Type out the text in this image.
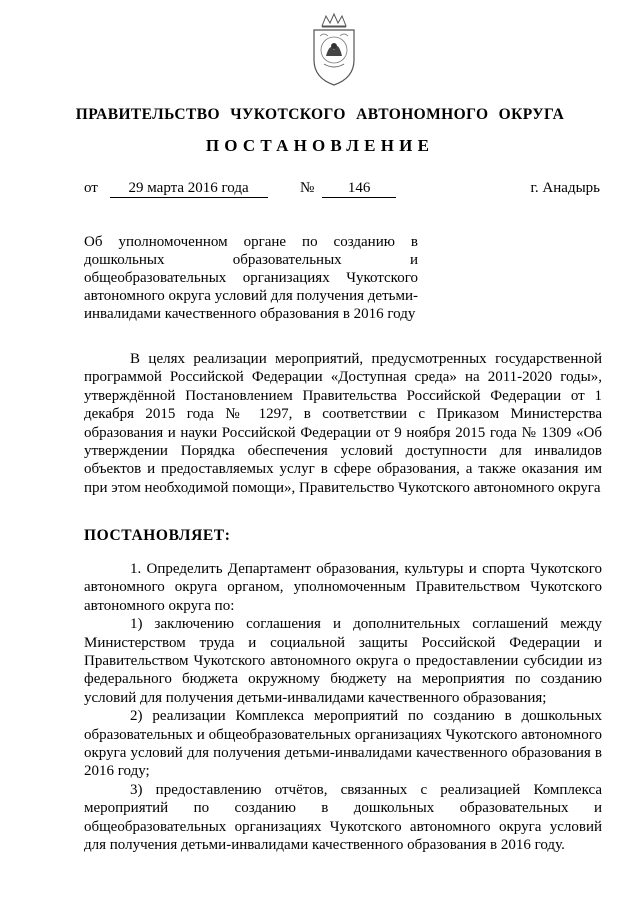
ПРАВИТЕЛЬСТВО ЧУКОТСКОГО АВТОНОМНОГО ОКРУГА
ПОСТАНОВЛЕНИЕ
от 29 марта 2016 года	№ 146	г. Анадырь
Об уполномоченном органе по созданию в дошкольных образовательных и общеобразовательных организациях Чукотского автономного округа условий для получения детьми-инвалидами качественного образования в 2016 году

В целях реализации мероприятий, предусмотренных государственной программой Российской Федерации «Доступная среда» на 2011-2020 годы», утверждённой Постановлением Правительства Российской Федерации от 1 декабря 2015 года № 1297, в соответствии с Приказом Министерства образования и науки Российской Федерации от 9 ноября 2015 года № 1309 «Об утверждении Порядка обеспечения условий доступности для инвалидов объектов и предоставляемых услуг в сфере образования, а также оказания им при этом необходимой помощи», Правительство Чукотского автономного округа

ПОСТАНОВЛЯЕТ:

1. Определить Департамент образования, культуры и спорта Чукотского автономного округа органом, уполномоченным Правительством Чукотского автономного округа по:

1) заключению соглашения и дополнительных соглашений между Министерством труда и социальной защиты Российской Федерации и Правительством Чукотского автономного округа о предоставлении субсидии из федерального бюджета окружному бюджету на мероприятия по созданию условий для получения детьми-инвалидами качественного образования;

2) реализации Комплекса мероприятий по созданию в дошкольных образовательных и общеобразовательных организациях Чукотского автономного округа условий для получения детьми-инвалидами качественного образования в 2016 году;

3) предоставлению отчётов, связанных с реализацией Комплекса мероприятий по созданию в дошкольных образовательных и общеобразовательных организациях Чукотского автономного округа условий для получения детьми-инвалидами качественного образования в 2016 году.
